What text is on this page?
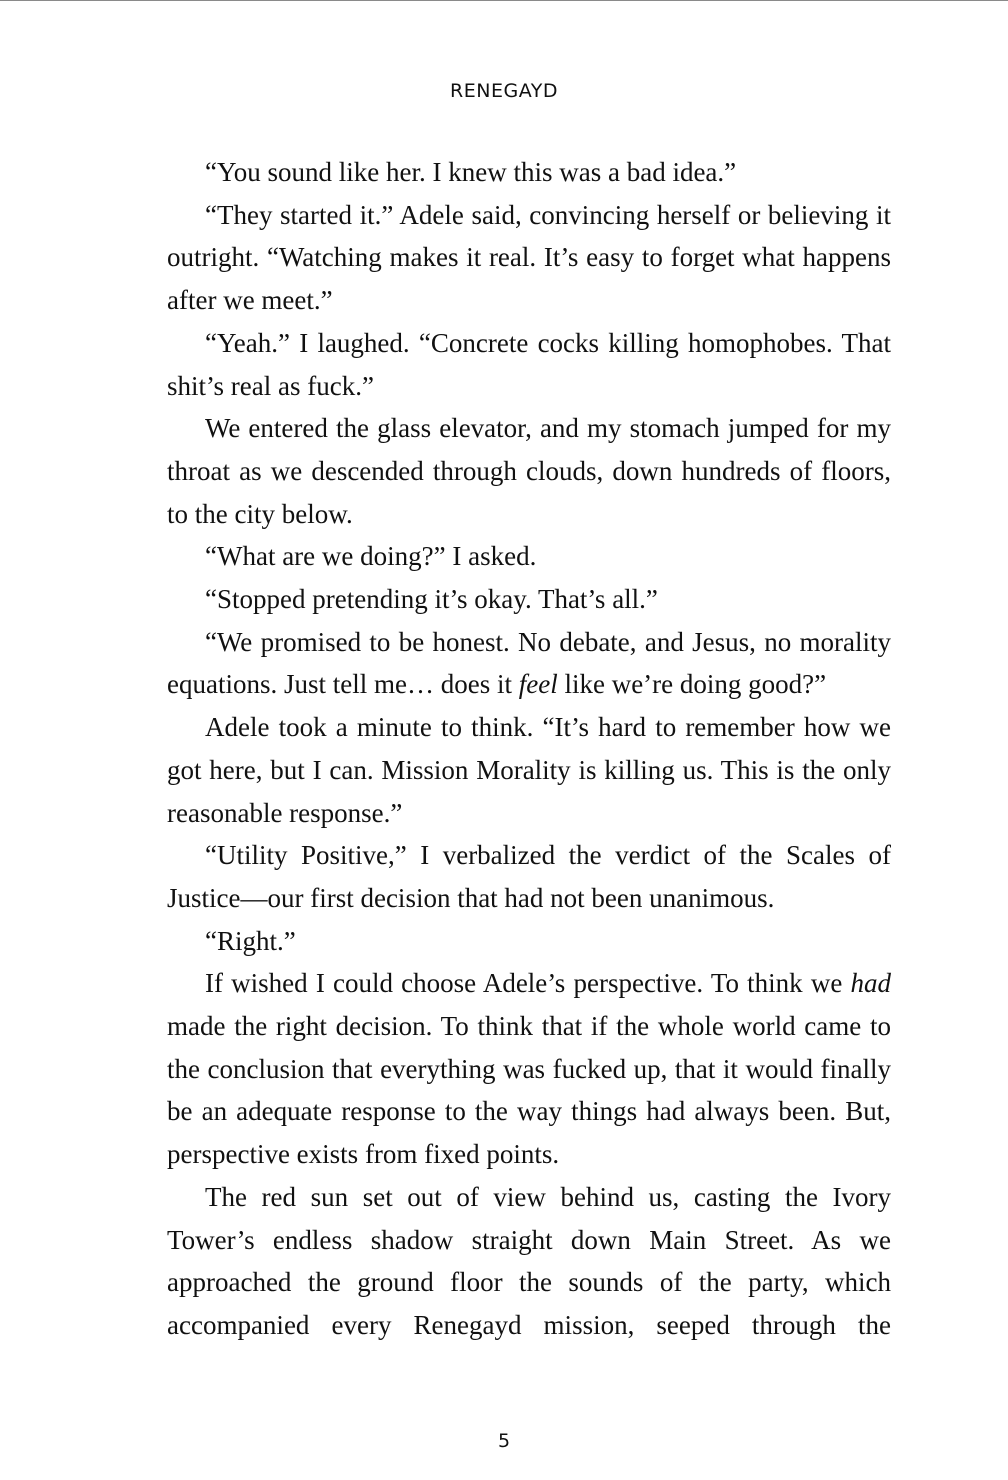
RENEGAYD

“You sound like her. I knew this was a bad idea.”

“They started it.” Adele said, convincing herself or believing it outright. “Watching makes it real. It’s easy to forget what happens after we meet.”

“Yeah.” I laughed. “Concrete cocks killing homophobes. That shit’s real as fuck.”

We entered the glass elevator, and my stomach jumped for my throat as we descended through clouds, down hundreds of floors, to the city below.

“What are we doing?” I asked.

“Stopped pretending it’s okay. That’s all.”

“We promised to be honest. No debate, and Jesus, no morality equations. Just tell me… does it feel like we’re doing good?”

Adele took a minute to think. “It’s hard to remember how we got here, but I can. Mission Morality is killing us. This is the only reasonable response.”

“Utility Positive,” I verbalized the verdict of the Scales of Justice—our first decision that had not been unanimous.

“Right.”

If wished I could choose Adele’s perspective. To think we had made the right decision. To think that if the whole world came to the conclusion that everything was fucked up, that it would finally be an adequate response to the way things had always been. But, perspective exists from fixed points.

The red sun set out of view behind us, casting the Ivory Tower’s endless shadow straight down Main Street. As we approached the ground floor the sounds of the party, which accompanied every Renegayd mission, seeped through the

5
